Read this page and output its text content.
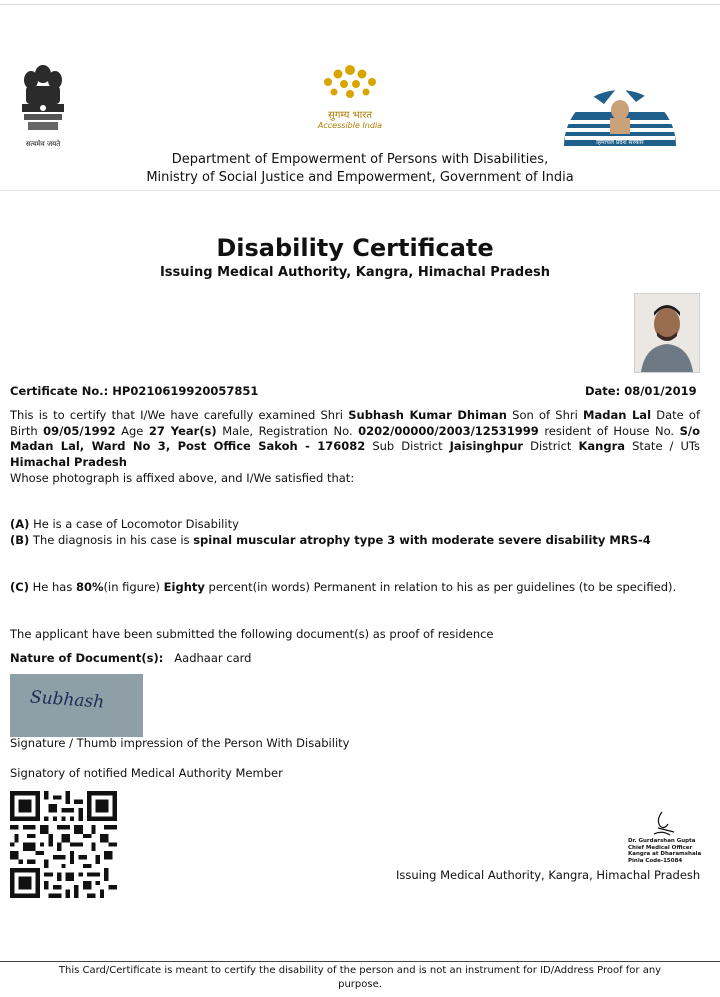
सत्यमेव जयते
सुगम्य भारत
Accessible India
हिमाचल प्रदेश सरकार
Department of Empowerment of Persons with Disabilities,
Ministry of Social Justice and Empowerment, Government of India
Disability Certificate
Issuing Medical Authority, Kangra, Himachal Pradesh
Certificate No.: HP0210619920057851	Date: 08/01/2019
This is to certify that I/We have carefully examined Shri Subhash Kumar Dhiman Son of Shri Madan Lal Date of Birth 09/05/1992 Age 27 Year(s) Male, Registration No. 0202/00000/2003/12531999 resident of House No. S/o Madan Lal, Ward No 3, Post Office Sakoh - 176082 Sub District Jaisinghpur District Kangra State / UTs Himachal Pradesh
Whose photograph is affixed above, and I/We satisfied that:
(A) He is a case of Locomotor Disability
(B) The diagnosis in his case is spinal muscular atrophy type 3 with moderate severe disability MRS-4
(C) He has 80%(in figure) Eighty percent(in words) Permanent in relation to his as per guidelines (to be specified).
The applicant have been submitted the following document(s) as proof of residence
Nature of Document(s): Aadhaar card
Subhash
Signature / Thumb impression of the Person With Disability
Signatory of notified Medical Authority Member
Dr. Gurdarshan Gupta
Chief Medical Officer
Kangra at Dharamshala
Pinla Code-15084
Issuing Medical Authority, Kangra, Himachal Pradesh
This Card/Certificate is meant to certify the disability of the person and is not an instrument for ID/Address Proof for any
purpose.
